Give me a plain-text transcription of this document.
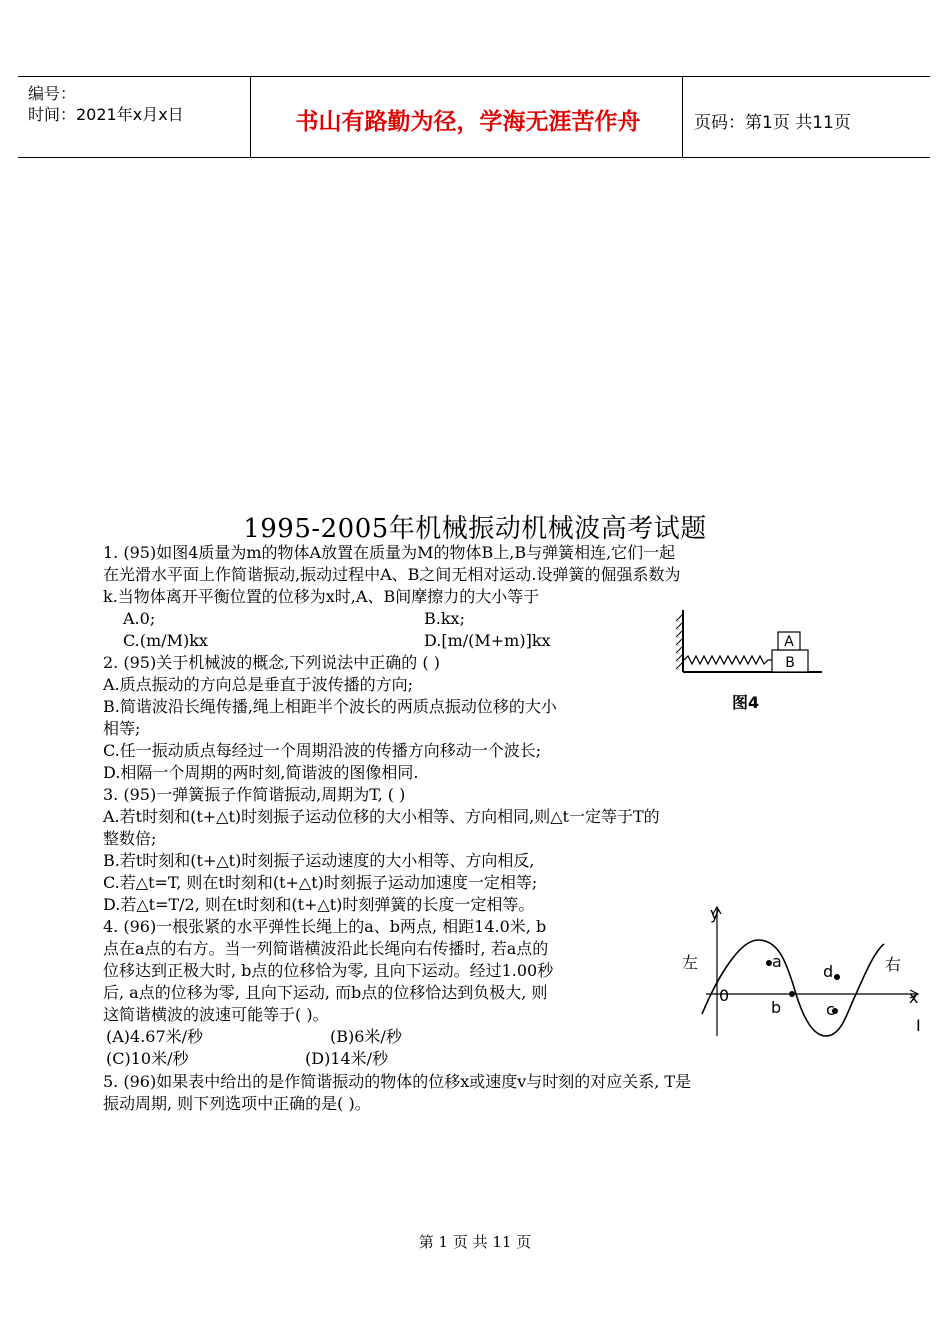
编号：
时间：2021年x月x日	书山有路勤为径，学海无涯苦作舟	页码：第1页 共11页
1995-2005年机械振动机械波高考试题
1. (95)如图4质量为m的物体A放置在质量为M的物体B上,B与弹簧相连,它们一起
在光滑水平面上作简谐振动,振动过程中A、B之间无相对运动.设弹簧的倔强系数为
k.当物体离开平衡位置的位移为x时,A、B间摩擦力的大小等于
A.0;	B.kx;
C.(m/M)kx	D.[m/(M+m)]kx	A
B
图4
2. (95)关于机械波的概念,下列说法中正确的 ( )
A.质点振动的方向总是垂直于波传播的方向;
B.简谐波沿长绳传播,绳上相距半个波长的两质点振动位移的大小
相等;
C.任一振动质点每经过一个周期沿波的传播方向移动一个波长;
D.相隔一个周期的两时刻,简谐波的图像相同.
3. (95)一弹簧振子作简谐振动,周期为T, ( )
A.若t时刻和(t+△t)时刻振子运动位移的大小相等、方向相同,则△t一定等于T的
整数倍;
B.若t时刻和(t+△t)时刻振子运动速度的大小相等、方向相反,
C.若△t=T, 则在t时刻和(t+△t)时刻振子运动加速度一定相等;
D.若△t=T/2, 则在t时刻和(t+△t)时刻弹簧的长度一定相等。
4. (96)一根张紧的水平弹性长绳上的a、b两点, 相距14.0米, b
点在a点的右方。当一列简谐横波沿此长绳向右传播时, 若a点的
位移达到正极大时, b点的位移恰为零, 且向下运动。经过1.00秒
后, a点的位移为零, 且向下运动, 而b点的位移恰达到负极大, 则
这简谐横波的波速可能等于( )。
(A)4.67米/秒	(B)6米/秒
(C)10米/秒	(D)14米/秒
y
x
0
左	右
a
b	c
d
I
5. (96)如果表中给出的是作简谐振动的物体的位移x或速度v与时刻的对应关系, T是
振动周期, 则下列选项中正确的是( )。
第 1 页 共 11 页
